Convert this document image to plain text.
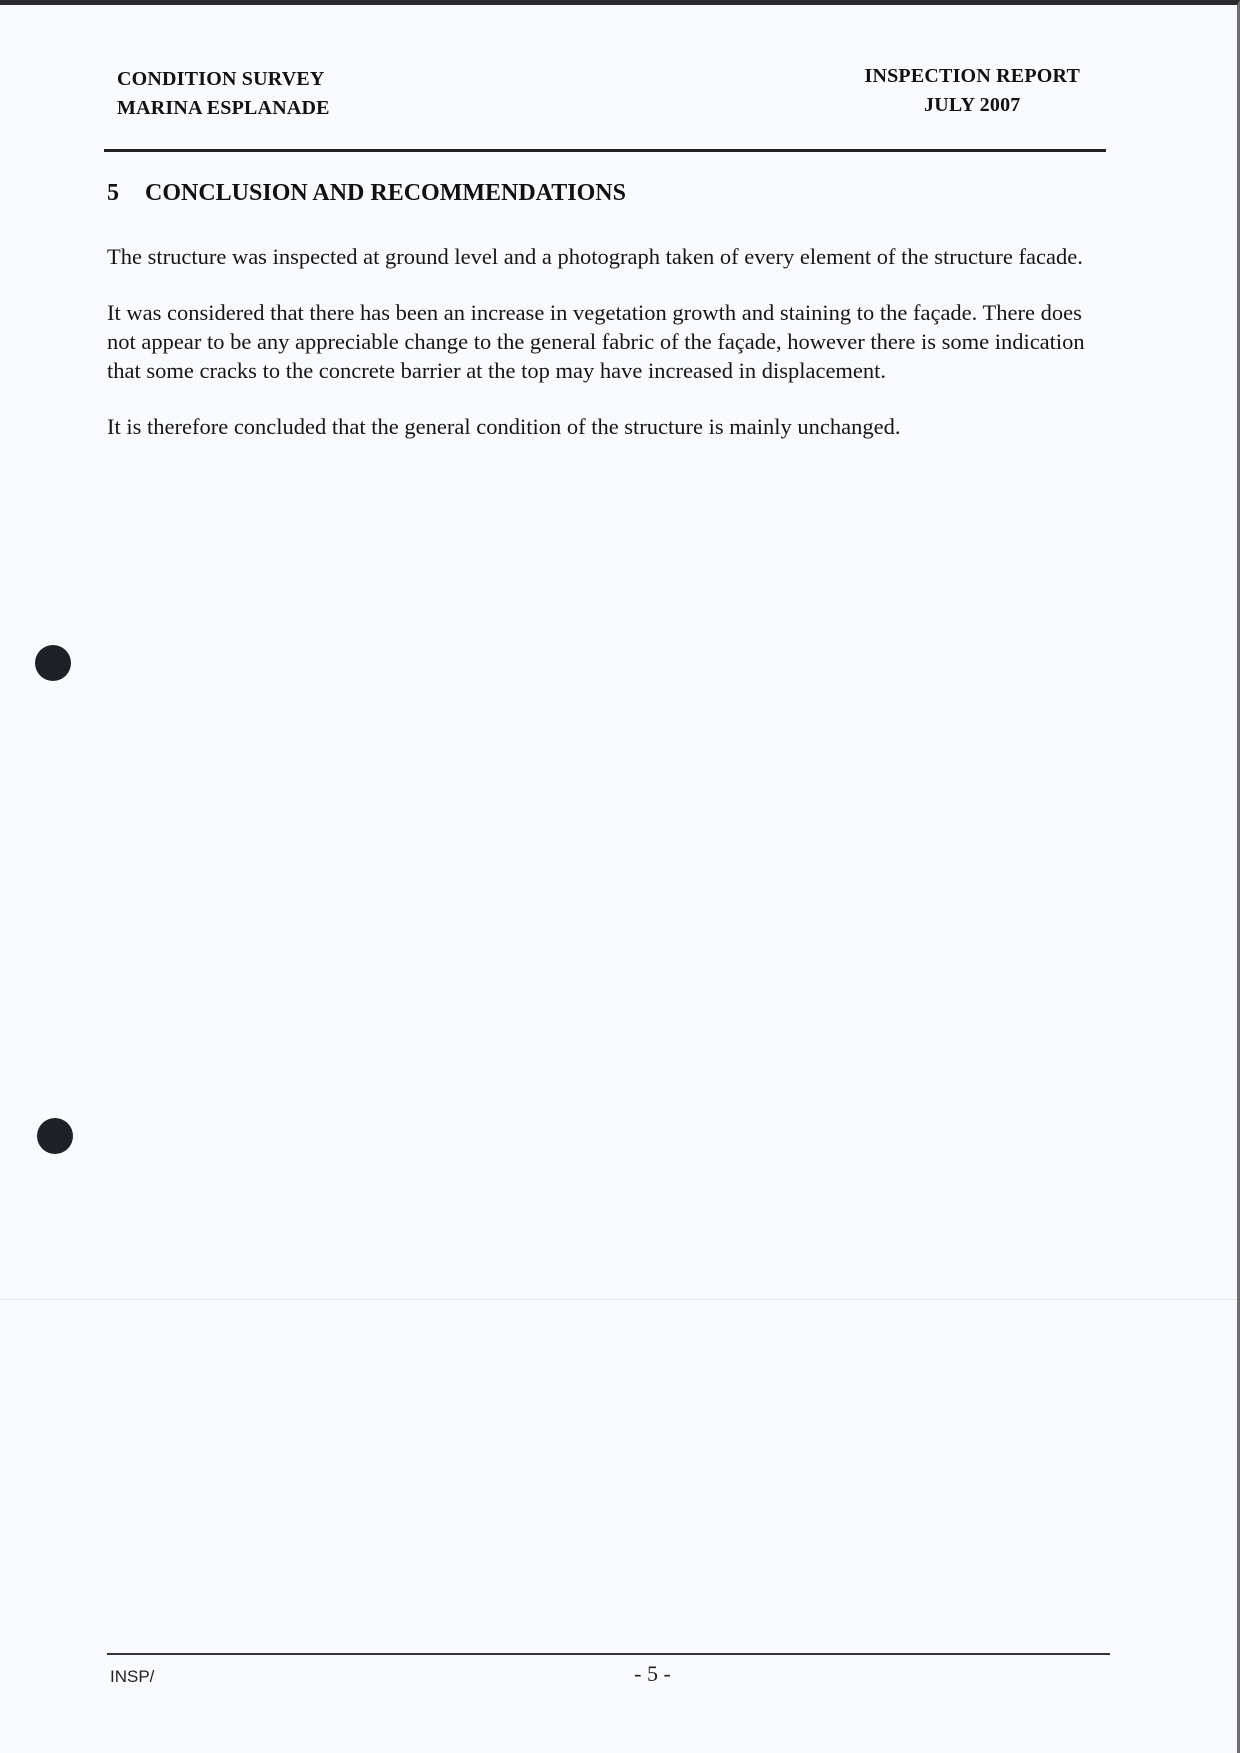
CONDITION SURVEY
MARINA ESPLANADE
INSPECTION REPORT
JULY 2007
5 CONCLUSION AND RECOMMENDATIONS

The structure was inspected at ground level and a photograph taken of every element of the structure facade.

It was considered that there has been an increase in vegetation growth and staining to the façade. There does not appear to be any appreciable change to the general fabric of the façade, however there is some indication that some cracks to the concrete barrier at the top may have increased in displacement.

It is therefore concluded that the general condition of the structure is mainly unchanged.

INSP/	- 5 -
